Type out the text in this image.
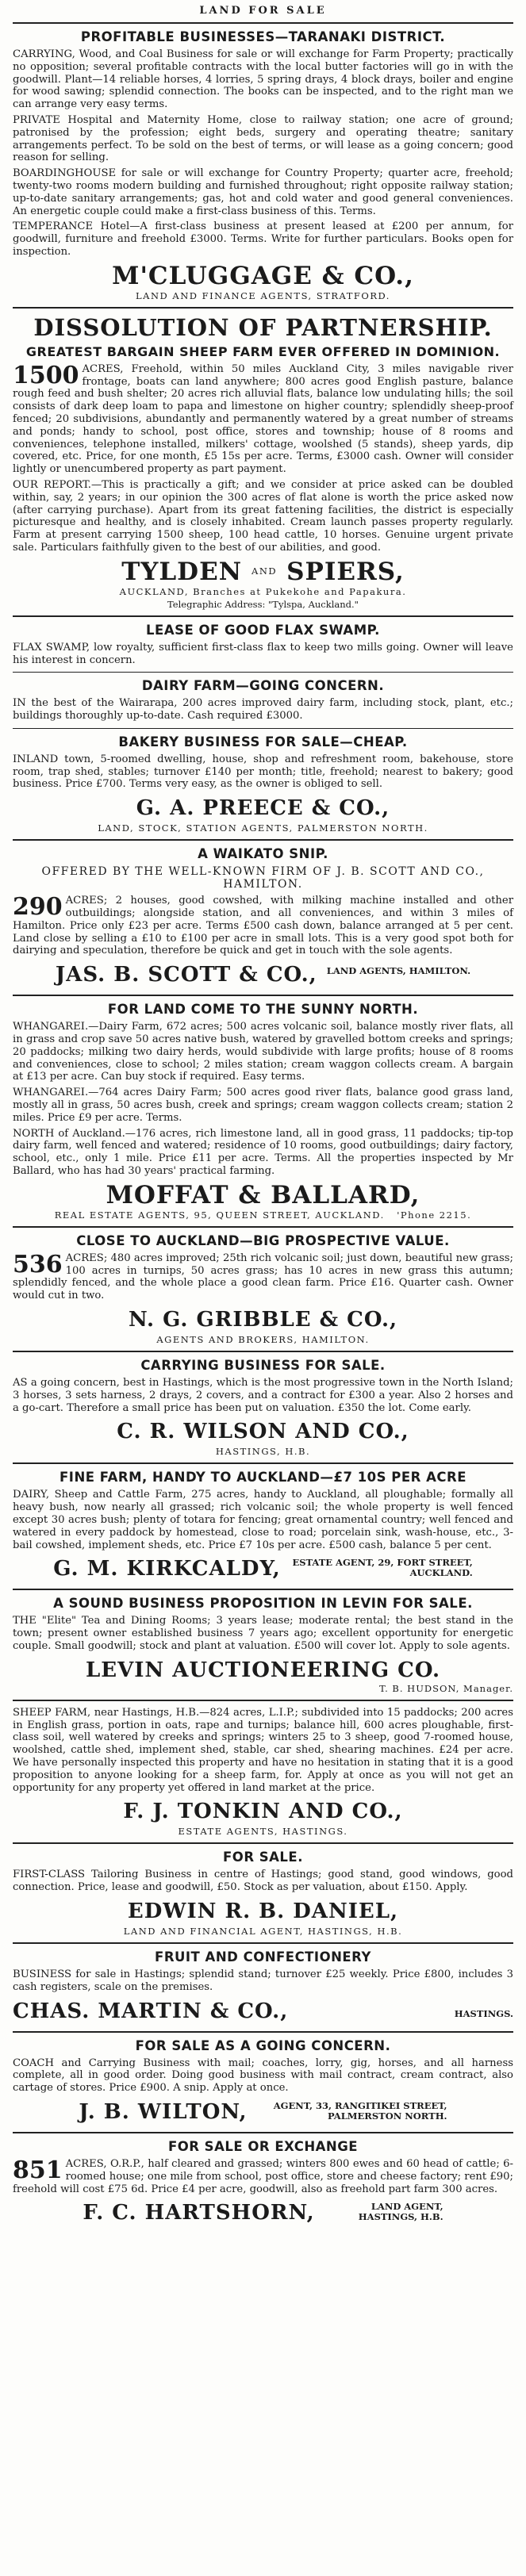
LAND FOR SALE
PROFITABLE BUSINESSES—TARANAKI DISTRICT.

CARRYING, Wood, and Coal Business for sale or will exchange for Farm Property; practically no opposition; several profitable contracts with the local butter factories will go in with the goodwill. Plant—14 reliable horses, 4 lorries, 5 spring drays, 4 block drays, boiler and engine for wood sawing; splendid connection. The books can be inspected, and to the right man we can arrange very easy terms.

PRIVATE Hospital and Maternity Home, close to railway station; one acre of ground; patronised by the profession; eight beds, surgery and operating theatre; sanitary arrangements perfect. To be sold on the best of terms, or will lease as a going concern; good reason for selling.

BOARDINGHOUSE for sale or will exchange for Country Property; quarter acre, freehold; twenty-two rooms modern building and furnished throughout; right opposite railway station; up-to-date sanitary arrangements; gas, hot and cold water and good general conveniences. An energetic couple could make a first-class business of this. Terms.

TEMPERANCE Hotel—A first-class business at present leased at £200 per annum, for goodwill, furniture and freehold £3000. Terms. Write for further particulars. Books open for inspection.

M'CLUGGAGE & CO.,
LAND AND FINANCE AGENTS, STRATFORD.
DISSOLUTION OF PARTNERSHIP.
GREATEST BARGAIN SHEEP FARM EVER OFFERED IN DOMINION.

1500 ACRES, Freehold, within 50 miles Auckland City, 3 miles navigable river frontage, boats can land anywhere; 800 acres good English pasture, balance rough feed and bush shelter; 20 acres rich alluvial flats, balance low undulating hills; the soil consists of dark deep loam to papa and limestone on higher country; splendidly sheep-proof fenced; 20 subdivisions, abundantly and permanently watered by a great number of streams and ponds; handy to school, post office, stores and township; house of 8 rooms and conveniences, telephone installed, milkers' cottage, woolshed (5 stands), sheep yards, dip covered, etc. Price, for one month, £5 15s per acre. Terms, £3000 cash. Owner will consider lightly or unencumbered property as part payment.

OUR REPORT.—This is practically a gift; and we consider at price asked can be doubled within, say, 2 years; in our opinion the 300 acres of flat alone is worth the price asked now (after carrying purchase). Apart from its great fattening facilities, the district is especially picturesque and healthy, and is closely inhabited. Cream launch passes property regularly. Farm at present carrying 1500 sheep, 100 head cattle, 10 horses. Genuine urgent private sale. Particulars faithfully given to the best of our abilities, and good.

TYLDEN AND SPIERS,
AUCKLAND, Branches at Pukekohe and Papakura.
Telegraphic Address: "Tylspa, Auckland."
LEASE OF GOOD FLAX SWAMP.

FLAX SWAMP, low royalty, sufficient first-class flax to keep two mills going. Owner will leave his interest in concern.

DAIRY FARM—GOING CONCERN.

IN the best of the Wairarapa, 200 acres improved dairy farm, including stock, plant, etc.; buildings thoroughly up-to-date. Cash required £3000.

BAKERY BUSINESS FOR SALE—CHEAP.

INLAND town, 5-roomed dwelling, house, shop and refreshment room, bakehouse, store room, trap shed, stables; turnover £140 per month; title, freehold; nearest to bakery; good business. Price £700. Terms very easy, as the owner is obliged to sell.

G. A. PREECE & CO.,
LAND, STOCK, STATION AGENTS, PALMERSTON NORTH.
A WAIKATO SNIP.
OFFERED BY THE WELL-KNOWN FIRM OF J. B. SCOTT AND CO., HAMILTON.

290 ACRES; 2 houses, good cowshed, with milking machine installed and other outbuildings; alongside station, and all conveniences, and within 3 miles of Hamilton. Price only £23 per acre. Terms £500 cash down, balance arranged at 5 per cent. Land close by selling a £10 to £100 per acre in small lots. This is a very good spot both for dairying and speculation, therefore be quick and get in touch with the sole agents.

JAS. B. SCOTT & CO., LAND AGENTS, HAMILTON.
FOR LAND COME TO THE SUNNY NORTH.

WHANGAREI.—Dairy Farm, 672 acres; 500 acres volcanic soil, balance mostly river flats, all in grass and crop save 50 acres native bush, watered by gravelled bottom creeks and springs; 20 paddocks; milking two dairy herds, would subdivide with large profits; house of 8 rooms and conveniences, close to school; 2 miles station; cream waggon collects cream. A bargain at £13 per acre. Can buy stock if required. Easy terms.

WHANGAREI.—764 acres Dairy Farm; 500 acres good river flats, balance good grass land, mostly all in grass, 50 acres bush, creek and springs; cream waggon collects cream; station 2 miles. Price £9 per acre. Terms.

NORTH of Auckland.—176 acres, rich limestone land, all in good grass, 11 paddocks; tip-top dairy farm, well fenced and watered; residence of 10 rooms, good outbuildings; dairy factory, school, etc., only 1 mile. Price £11 per acre. Terms. All the properties inspected by Mr Ballard, who has had 30 years' practical farming.

MOFFAT & BALLARD,
REAL ESTATE AGENTS, 95, QUEEN STREET, AUCKLAND. 'Phone 2215.
CLOSE TO AUCKLAND—BIG PROSPECTIVE VALUE.

536 ACRES; 480 acres improved; 25th rich volcanic soil; just down, beautiful new grass; 100 acres in turnips, 50 acres grass; has 10 acres in new grass this autumn; splendidly fenced, and the whole place a good clean farm. Price £16. Quarter cash. Owner would cut in two.

N. G. GRIBBLE & CO.,
AGENTS AND BROKERS, HAMILTON.
CARRYING BUSINESS FOR SALE.

AS a going concern, best in Hastings, which is the most progressive town in the North Island; 3 horses, 3 sets harness, 2 drays, 2 covers, and a contract for £300 a year. Also 2 horses and a go-cart. Therefore a small price has been put on valuation. £350 the lot. Come early.

C. R. WILSON AND CO.,
HASTINGS, H.B.
FINE FARM, HANDY TO AUCKLAND—£7 10S PER ACRE

DAIRY, Sheep and Cattle Farm, 275 acres, handy to Auckland, all ploughable; formally all heavy bush, now nearly all grassed; rich volcanic soil; the whole property is well fenced except 30 acres bush; plenty of totara for fencing; great ornamental country; well fenced and watered in every paddock by homestead, close to road; porcelain sink, wash-house, etc., 3-bail cowshed, implement sheds, etc. Price £7 10s per acre. £500 cash, balance 5 per cent.

G. M. KIRKCALDY, ESTATE AGENT, 29, FORT STREET, AUCKLAND.
A SOUND BUSINESS PROPOSITION IN LEVIN FOR SALE.

THE "Elite" Tea and Dining Rooms; 3 years lease; moderate rental; the best stand in the town; present owner established business 7 years ago; excellent opportunity for energetic couple. Small goodwill; stock and plant at valuation. £500 will cover lot. Apply to sole agents.

LEVIN AUCTIONEERING CO.
T. B. HUDSON, Manager.

SHEEP FARM, near Hastings, H.B.—824 acres, L.I.P.; subdivided into 15 paddocks; 200 acres in English grass, portion in oats, rape and turnips; balance hill, 600 acres ploughable, first-class soil, well watered by creeks and springs; winters 25 to 3 sheep, good 7-roomed house, woolshed, cattle shed, implement shed, stable, car shed, shearing machines. £24 per acre. We have personally inspected this property and have no hesitation in stating that it is a good proposition to anyone looking for a sheep farm, for. Apply at once as you will not get an opportunity for any property yet offered in land market at the price.

F. J. TONKIN AND CO.,
ESTATE AGENTS, HASTINGS.
FOR SALE.

FIRST-CLASS Tailoring Business in centre of Hastings; good stand, good windows, good connection. Price, lease and goodwill, £50. Stock as per valuation, about £150. Apply.

EDWIN R. B. DANIEL,
LAND AND FINANCIAL AGENT, HASTINGS, H.B.
FRUIT AND CONFECTIONERY

BUSINESS for sale in Hastings; splendid stand; turnover £25 weekly. Price £800, includes 3 cash registers, scale on the premises.

CHAS. MARTIN & CO.,	HASTINGS.
FOR SALE AS A GOING CONCERN.

COACH and Carrying Business with mail; coaches, lorry, gig, horses, and all harness complete, all in good order. Doing good business with mail contract, cream contract, also cartage of stores. Price £900. A snip. Apply at once.

J. B. WILTON,	AGENT, 33, RANGITIKEI STREET, PALMERSTON NORTH.
FOR SALE OR EXCHANGE

851 ACRES, O.R.P., half cleared and grassed; winters 800 ewes and 60 head of cattle; 6-roomed house; one mile from school, post office, store and cheese factory; rent £90; freehold will cost £75 6d. Price £4 per acre, goodwill, also as freehold part farm 300 acres.

F. C. HARTSHORN,	LAND AGENT, HASTINGS, H.B.
